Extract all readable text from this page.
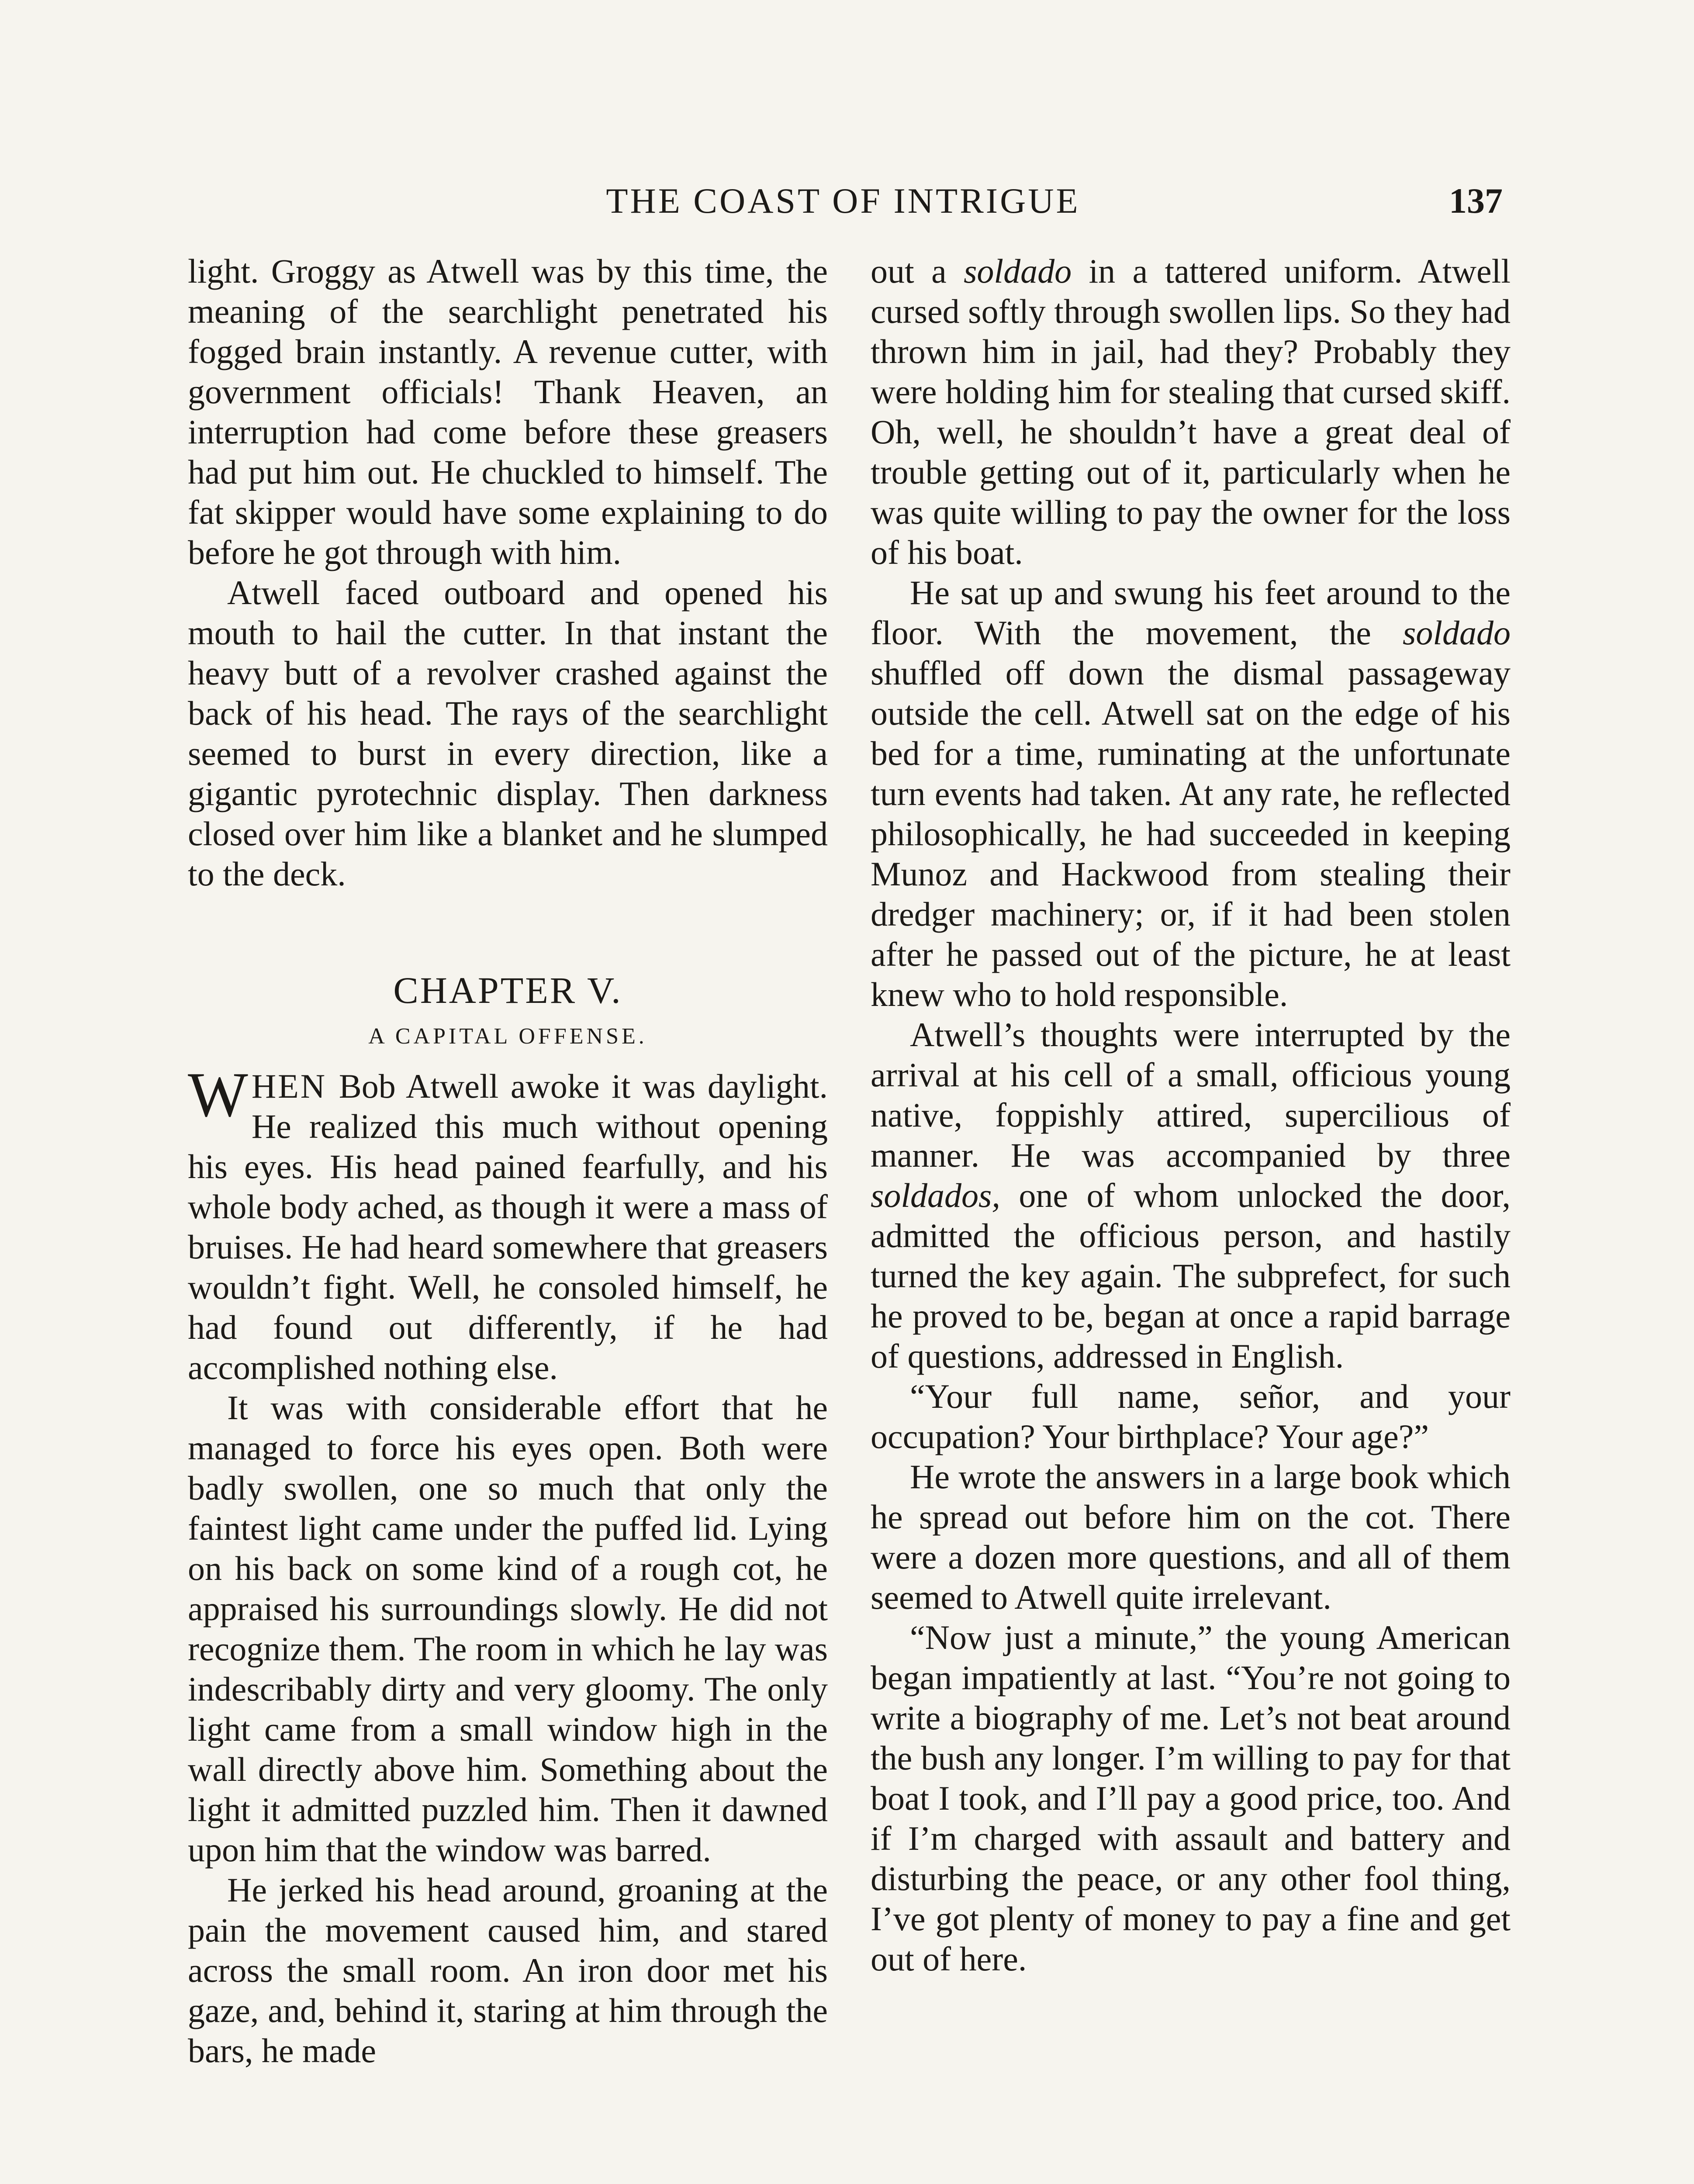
THE COAST OF INTRIGUE	137

light. Groggy as Atwell was by this time, the meaning of the searchlight penetrated his fogged brain instantly. A revenue cutter, with government officials! Thank Heaven, an interruption had come before these greasers had put him out. He chuckled to himself. The fat skipper would have some explaining to do before he got through with him.

Atwell faced outboard and opened his mouth to hail the cutter. In that instant the heavy butt of a revolver crashed against the back of his head. The rays of the searchlight seemed to burst in every direction, like a gigantic pyrotechnic display. Then darkness closed over him like a blanket and he slumped to the deck.

CHAPTER V.
A CAPITAL OFFENSE.

WHEN Bob Atwell awoke it was daylight. He realized this much without opening his eyes. His head pained fearfully, and his whole body ached, as though it were a mass of bruises. He had heard somewhere that greasers wouldn’t fight. Well, he consoled himself, he had found out differently, if he had accomplished nothing else.

It was with considerable effort that he managed to force his eyes open. Both were badly swollen, one so much that only the faintest light came under the puffed lid. Lying on his back on some kind of a rough cot, he appraised his surroundings slowly. He did not recognize them. The room in which he lay was indescribably dirty and very gloomy. The only light came from a small window high in the wall directly above him. Something about the light it admitted puzzled him. Then it dawned upon him that the window was barred.

He jerked his head around, groaning at the pain the movement caused him, and stared across the small room. An iron door met his gaze, and, behind it, staring at him through the bars, he made

out a soldado in a tattered uniform. Atwell cursed softly through swollen lips. So they had thrown him in jail, had they? Probably they were holding him for stealing that cursed skiff. Oh, well, he shouldn’t have a great deal of trouble getting out of it, particularly when he was quite willing to pay the owner for the loss of his boat.

He sat up and swung his feet around to the floor. With the movement, the soldado shuffled off down the dismal passageway outside the cell. Atwell sat on the edge of his bed for a time, ruminating at the unfortunate turn events had taken. At any rate, he reflected philosophically, he had succeeded in keeping Munoz and Hackwood from stealing their dredger machinery; or, if it had been stolen after he passed out of the picture, he at least knew who to hold responsible.

Atwell’s thoughts were interrupted by the arrival at his cell of a small, officious young native, foppishly attired, supercilious of manner. He was accompanied by three soldados, one of whom unlocked the door, admitted the officious person, and hastily turned the key again. The subprefect, for such he proved to be, began at once a rapid barrage of questions, addressed in English.

“Your full name, señor, and your occupation? Your birthplace? Your age?”

He wrote the answers in a large book which he spread out before him on the cot. There were a dozen more questions, and all of them seemed to Atwell quite irrelevant.

“Now just a minute,” the young American began impatiently at last. “You’re not going to write a biography of me. Let’s not beat around the bush any longer. I’m willing to pay for that boat I took, and I’ll pay a good price, too. And if I’m charged with assault and battery and disturbing the peace, or any other fool thing, I’ve got plenty of money to pay a fine and get out of here.
